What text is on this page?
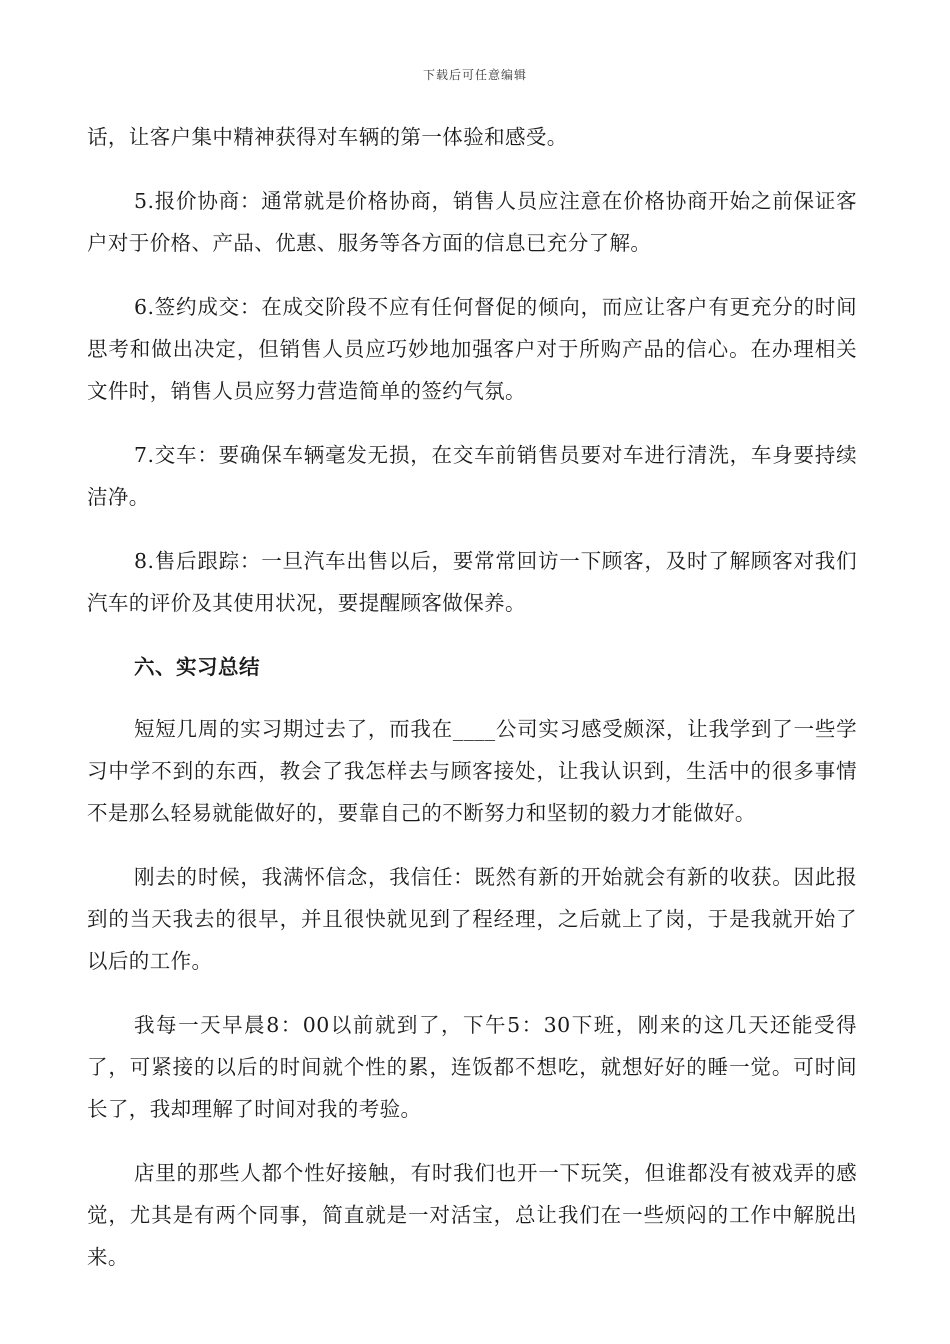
下载后可任意编辑

话，让客户集中精神获得对车辆的第一体验和感受。

5.报价协商：通常就是价格协商，销售人员应注意在价格协商开始之前保证客户对于价格、产品、优惠、服务等各方面的信息已充分了解。

6.签约成交：在成交阶段不应有任何督促的倾向，而应让客户有更充分的时间思考和做出决定，但销售人员应巧妙地加强客户对于所购产品的信心。在办理相关文件时，销售人员应努力营造简单的签约气氛。

7.交车：要确保车辆毫发无损，在交车前销售员要对车进行清洗，车身要持续洁净。

8.售后跟踪：一旦汽车出售以后，要常常回访一下顾客，及时了解顾客对我们汽车的评价及其使用状况，要提醒顾客做保养。

六、实习总结

短短几周的实习期过去了，而我在____公司实习感受颇深，让我学到了一些学习中学不到的东西，教会了我怎样去与顾客接处，让我认识到，生活中的很多事情不是那么轻易就能做好的，要靠自己的不断努力和坚韧的毅力才能做好。

刚去的时候，我满怀信念，我信任：既然有新的开始就会有新的收获。因此报到的当天我去的很早，并且很快就见到了程经理，之后就上了岗，于是我就开始了以后的工作。

我每一天早晨8：00以前就到了，下午5：30下班，刚来的这几天还能受得了，可紧接的以后的时间就个性的累，连饭都不想吃，就想好好的睡一觉。可时间长了，我却理解了时间对我的考验。

店里的那些人都个性好接触，有时我们也开一下玩笑，但谁都没有被戏弄的感觉，尤其是有两个同事，简直就是一对活宝，总让我们在一些烦闷的工作中解脱出来。
